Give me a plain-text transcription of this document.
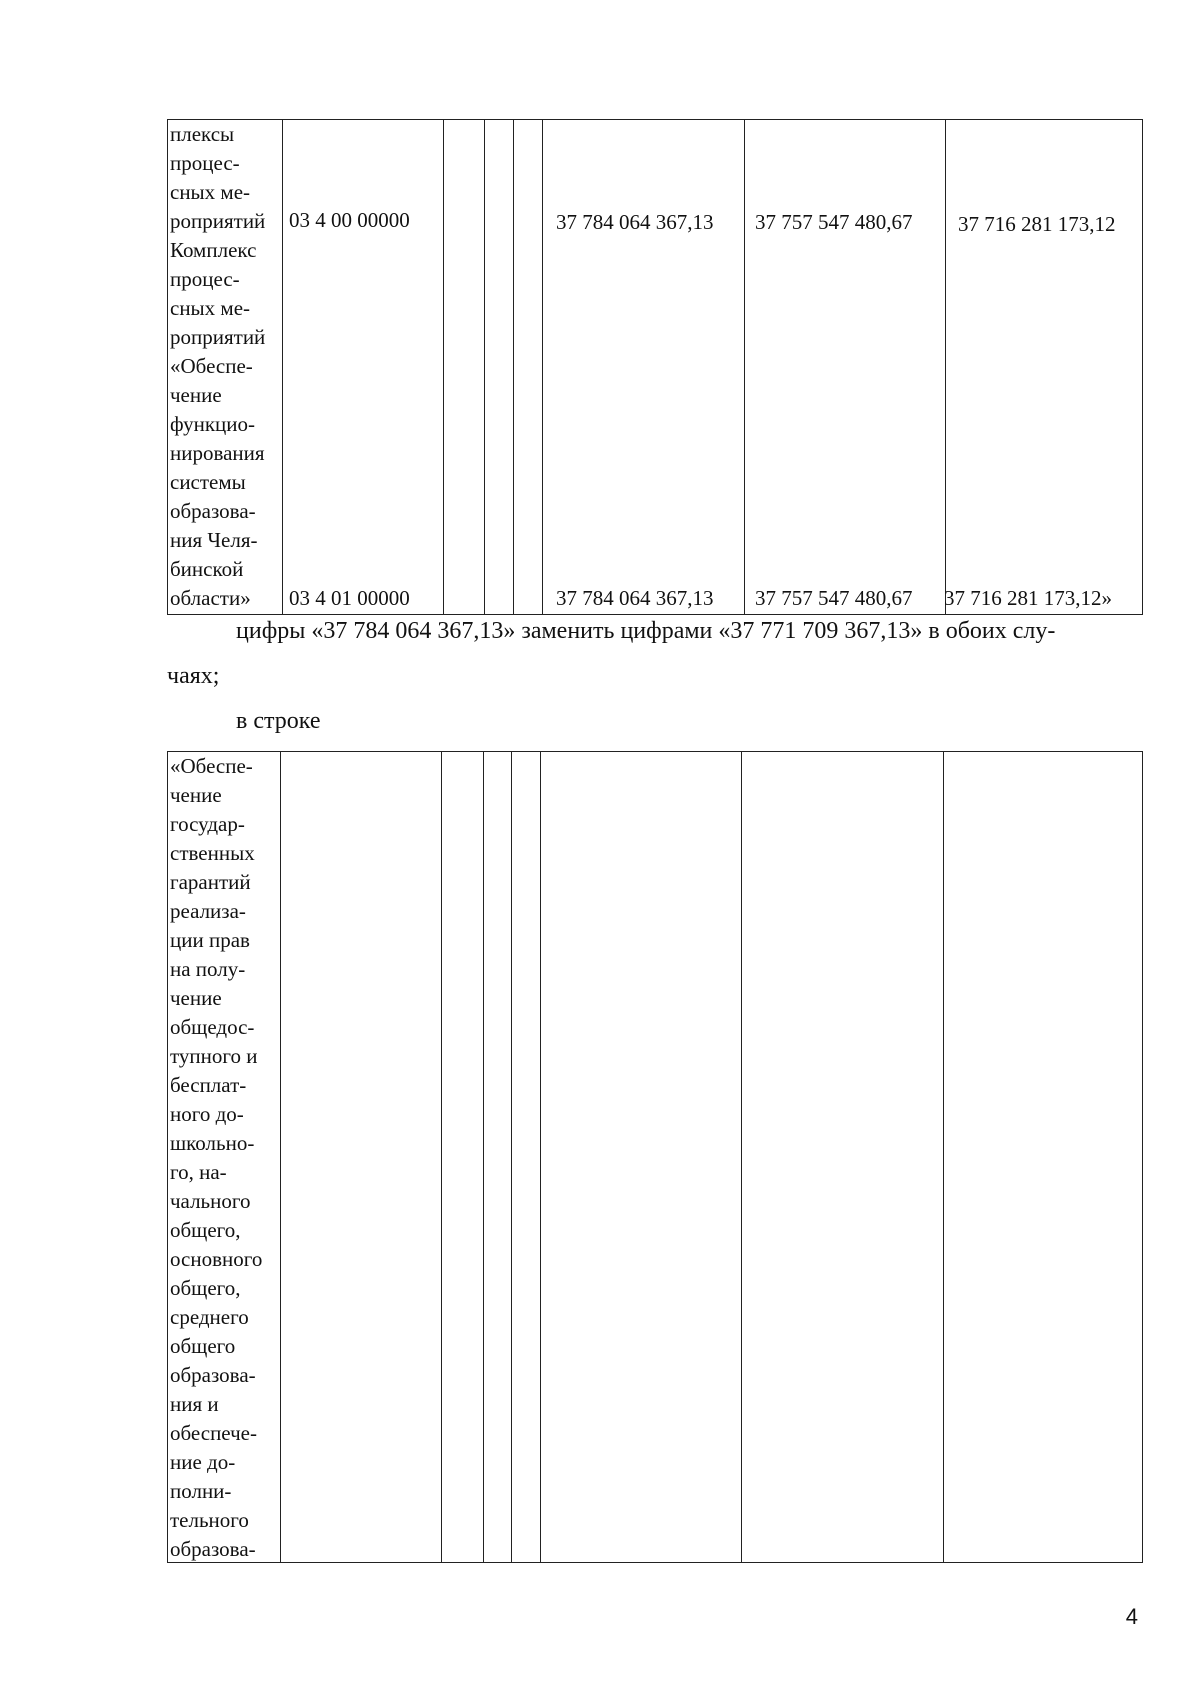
плексы
процес-
сных ме-
роприятий
Комплекс
процес-
сных ме-
роприятий
«Обеспе-
чение
функцио-
нирования
системы
образова-
ния Челя-
бинской
области»
03 4 00 00000	37 784 064 367,13 37 757 547 480,67 37 716 281 173,12
03 4 01 00000	37 784 064 367,13 37 757 547 480,67 37 716 281 173,12»
цифры «37 784 064 367,13» заменить цифрами «37 771 709 367,13» в обоих слу-
чаях;
в строке
«Обеспе-
чение
государ-
ственных
гарантий
реализа-
ции прав
на полу-
чение
общедос-
тупного и
бесплат-
ного до-
школьно-
го, на-
чального
общего,
основного
общего,
среднего
общего
образова-
ния и
обеспече-
ние до-
полни-
тельного
образова-
4
